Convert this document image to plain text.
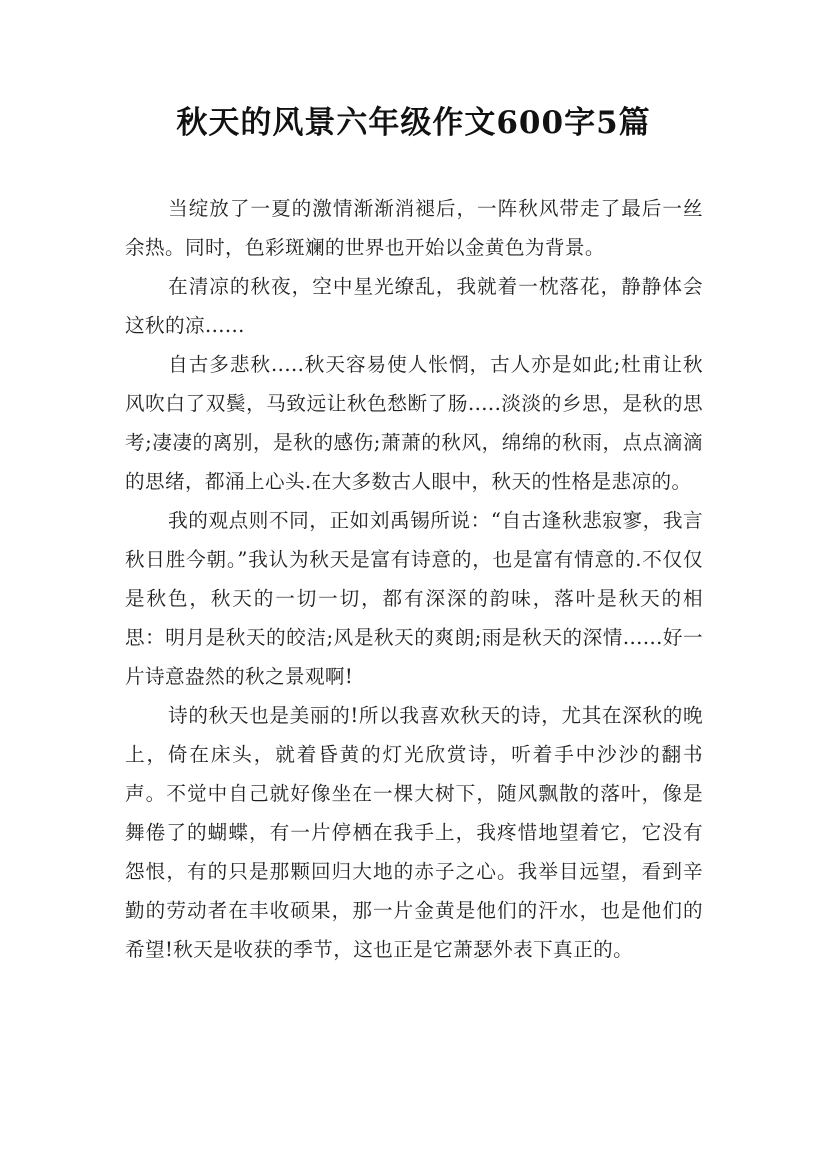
秋天的风景六年级作文600字5篇

当绽放了一夏的激情渐渐消褪后，一阵秋风带走了最后一丝余热。同时，色彩斑斓的世界也开始以金黄色为背景。

在清凉的秋夜，空中星光缭乱，我就着一枕落花，静静体会这秋的凉......

自古多悲秋.....秋天容易使人怅惘，古人亦是如此;杜甫让秋风吹白了双鬓，马致远让秋色愁断了肠.....淡淡的乡思，是秋的思考;凄凄的离别，是秋的感伤;萧萧的秋风，绵绵的秋雨，点点滴滴的思绪，都涌上心头.在大多数古人眼中，秋天的性格是悲凉的。

我的观点则不同，正如刘禹锡所说：“自古逢秋悲寂寥，我言秋日胜今朝。”我认为秋天是富有诗意的，也是富有情意的.不仅仅是秋色，秋天的一切一切，都有深深的韵味，落叶是秋天的相思：明月是秋天的皎洁;风是秋天的爽朗;雨是秋天的深情......好一片诗意盎然的秋之景观啊!

诗的秋天也是美丽的!所以我喜欢秋天的诗，尤其在深秋的晚上，倚在床头，就着昏黄的灯光欣赏诗，听着手中沙沙的翻书声。不觉中自己就好像坐在一棵大树下，随风飘散的落叶，像是舞倦了的蝴蝶，有一片停栖在我手上，我疼惜地望着它，它没有怨恨，有的只是那颗回归大地的赤子之心。我举目远望，看到辛勤的劳动者在丰收硕果，那一片金黄是他们的汗水，也是他们的希望!秋天是收获的季节，这也正是它萧瑟外表下真正的。
